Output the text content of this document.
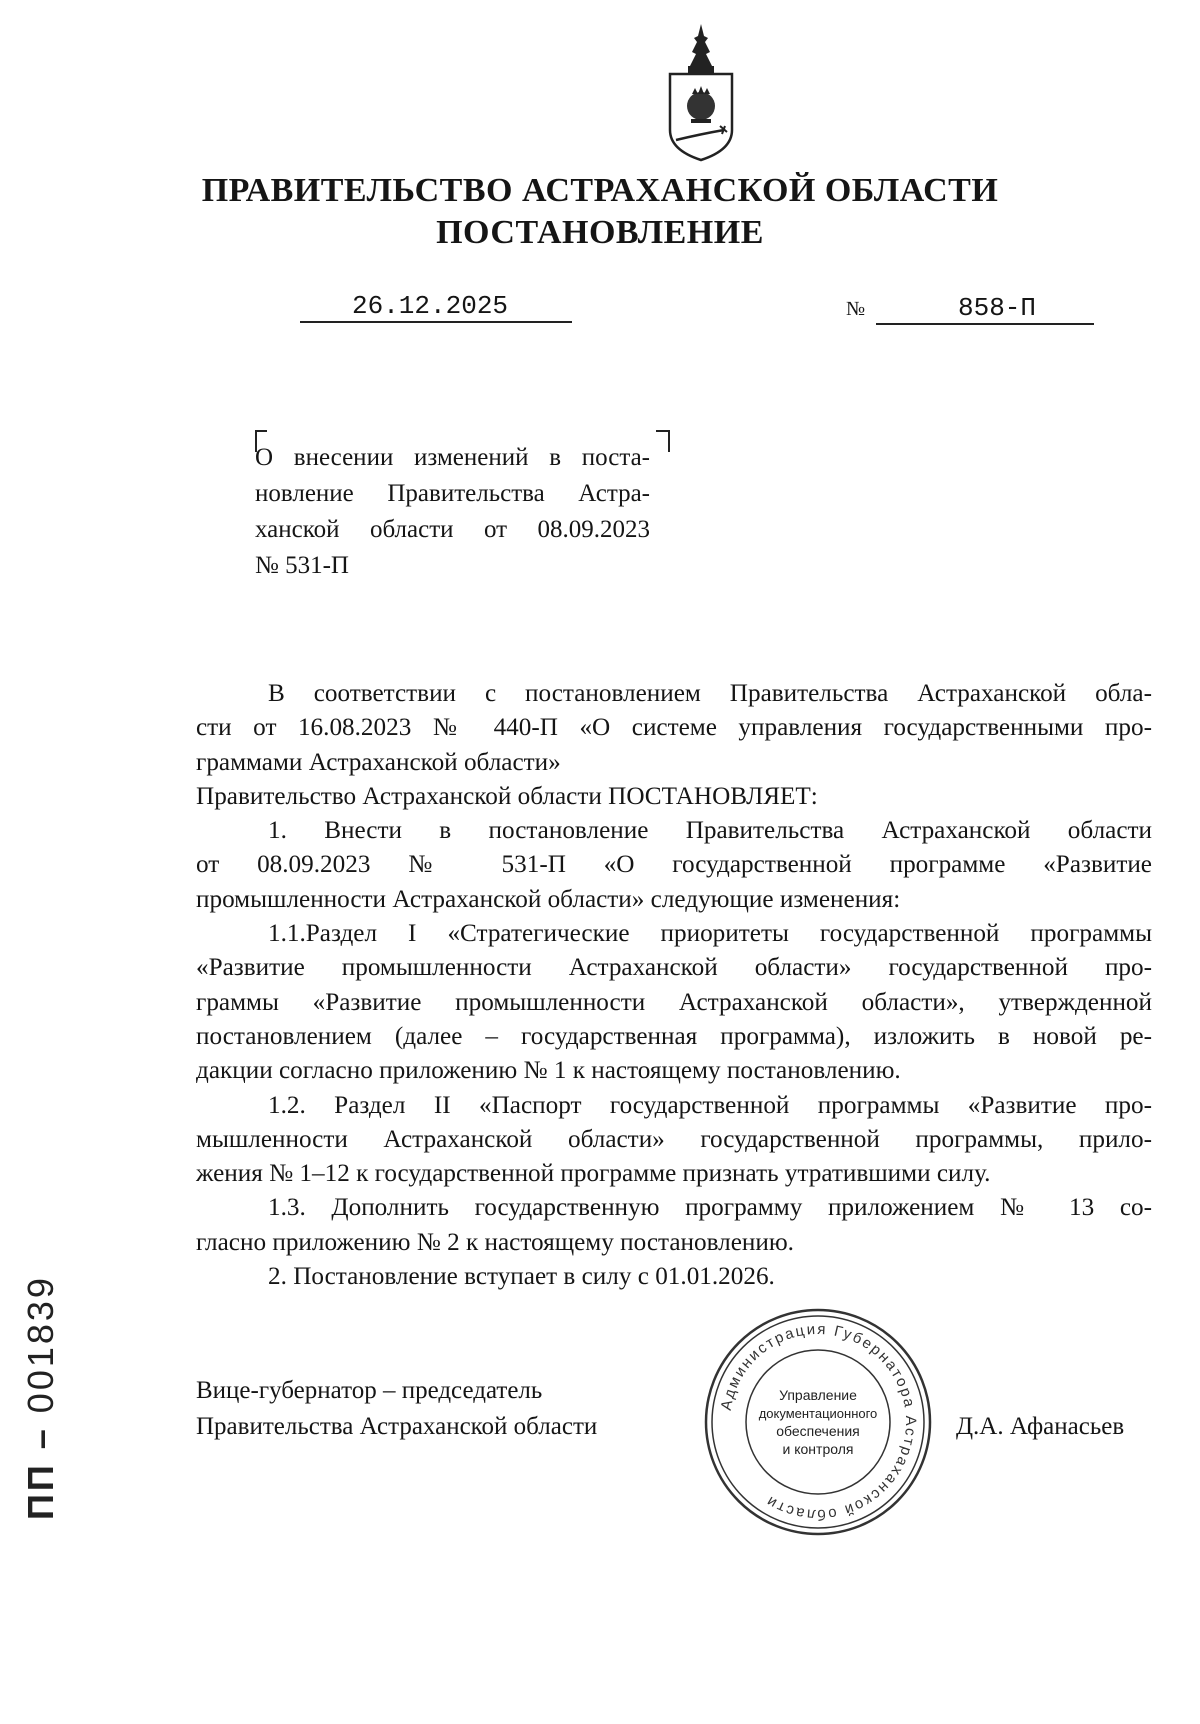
ПРАВИТЕЛЬСТВО АСТРАХАНСКОЙ ОБЛАСТИ
ПОСТАНОВЛЕНИЕ
26.12.2025	№	858-П
О внесении изменений в поста-
новление Правительства Астра-
ханской области от 08.09.2023
№ 531-П
В соответствии с постановлением Правительства Астраханской обла-
сти от 16.08.2023 № 440-П «О системе управления государственными про-
граммами Астраханской области»
Правительство Астраханской области ПОСТАНОВЛЯЕТ:
1. Внести в постановление Правительства Астраханской области
от 08.09.2023 № 531-П «О государственной программе «Развитие
промышленности Астраханской области» следующие изменения:
1.1.Раздел I «Стратегические приоритеты государственной программы
«Развитие промышленности Астраханской области» государственной про-
граммы «Развитие промышленности Астраханской области», утвержденной
постановлением (далее – государственная программа), изложить в новой ре-
дакции согласно приложению № 1 к настоящему постановлению.
1.2. Раздел II «Паспорт государственной программы «Развитие про-
мышленности Астраханской области» государственной программы, прило-
жения № 1–12 к государственной программе признать утратившими силу.
1.3. Дополнить государственную программу приложением № 13 со-
гласно приложению № 2 к настоящему постановлению.
2. Постановление вступает в силу с 01.01.2026.
Вице-губернатор – председатель
Правительства Астраханской области	Д.А. Афанасьев
Администрация Губернатора Астраханской области
Управление
документационного
обеспечения
и контроля
ПП – 001839
